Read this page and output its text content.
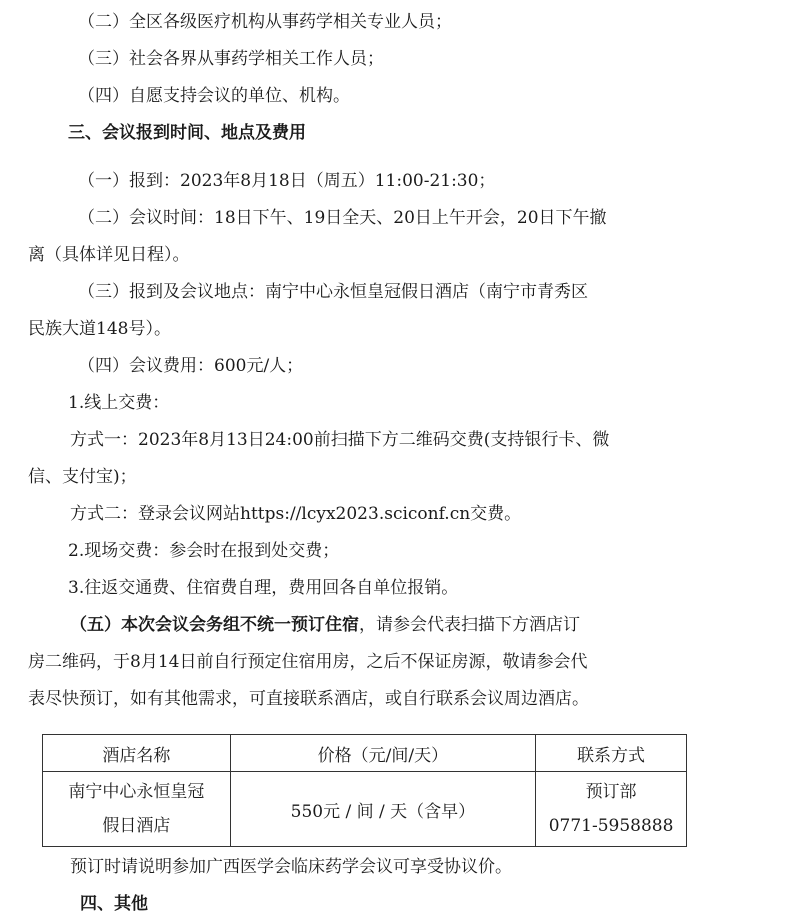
（二）全区各级医疗机构从事药学相关专业人员；
（三）社会各界从事药学相关工作人员；
（四）自愿支持会议的单位、机构。
三、会议报到时间、地点及费用
（一）报到：2023年8月18日（周五）11:00-21:30；
（二）会议时间：18日下午、19日全天、20日上午开会，20日下午撤
离（具体详见日程）。
（三）报到及会议地点：南宁中心永恒皇冠假日酒店（南宁市青秀区
民族大道148号）。
（四）会议费用：600元/人；
1.线上交费：
方式一：2023年8月13日24:00前扫描下方二维码交费(支持银行卡、微
信、支付宝)；
方式二：登录会议网站https://lcyx2023.sciconf.cn交费。
2.现场交费：参会时在报到处交费；
3.往返交通费、住宿费自理，费用回各自单位报销。
（五）本次会议会务组不统一预订住宿，请参会代表扫描下方酒店订
房二维码，于8月14日前自行预定住宿用房，之后不保证房源，敬请参会代
表尽快预订，如有其他需求，可直接联系酒店，或自行联系会议周边酒店。
酒店名称	价格（元/间/天）	联系方式

南宁中心永恒皇冠
假日酒店	550元 / 间 / 天（含早）	预订部
0771-5958888
预订时请说明参加广西医学会临床药学会议可享受协议价。
四、其他
